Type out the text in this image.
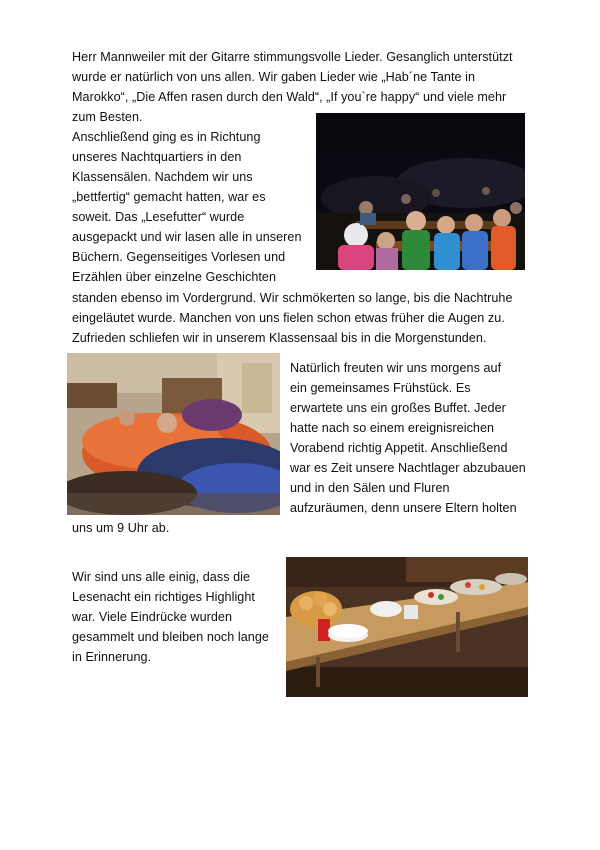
Herr Mannweiler mit der Gitarre stimmungsvolle Lieder. Gesanglich unterstützt
wurde er natürlich von uns allen. Wir gaben Lieder wie „Hab´ne Tante in
Marokko“, „Die Affen rasen durch den Wald“, „If you`re happy“ und viele mehr
zum Besten.
Anschließend ging es in Richtung
unseres Nachtquartiers in den
Klassensälen. Nachdem wir uns
„bettfertig“ gemacht hatten, war es
soweit. Das „Lesefutter“ wurde
ausgepackt und wir lasen alle in unseren
Büchern. Gegenseitiges Vorlesen und
Erzählen über einzelne Geschichten
standen ebenso im Vordergrund. Wir schmökerten so lange, bis die Nachtruhe
eingeläutet wurde. Manchen von uns fielen schon etwas früher die Augen zu.
Zufrieden schliefen wir in unserem Klassensaal bis in die Morgenstunden.
Natürlich freuten wir uns morgens auf
ein gemeinsames Frühstück. Es
erwartete uns ein großes Buffet. Jeder
hatte nach so einem ereignisreichen
Vorabend richtig Appetit. Anschließend
war es Zeit unsere Nachtlager abzubauen
und in den Sälen und Fluren
aufzuräumen, denn unsere Eltern holten
uns um 9 Uhr ab.
Wir sind uns alle einig, dass die
Lesenacht ein richtiges Highlight
war. Viele Eindrücke wurden
gesammelt und bleiben noch lange
in Erinnerung.
